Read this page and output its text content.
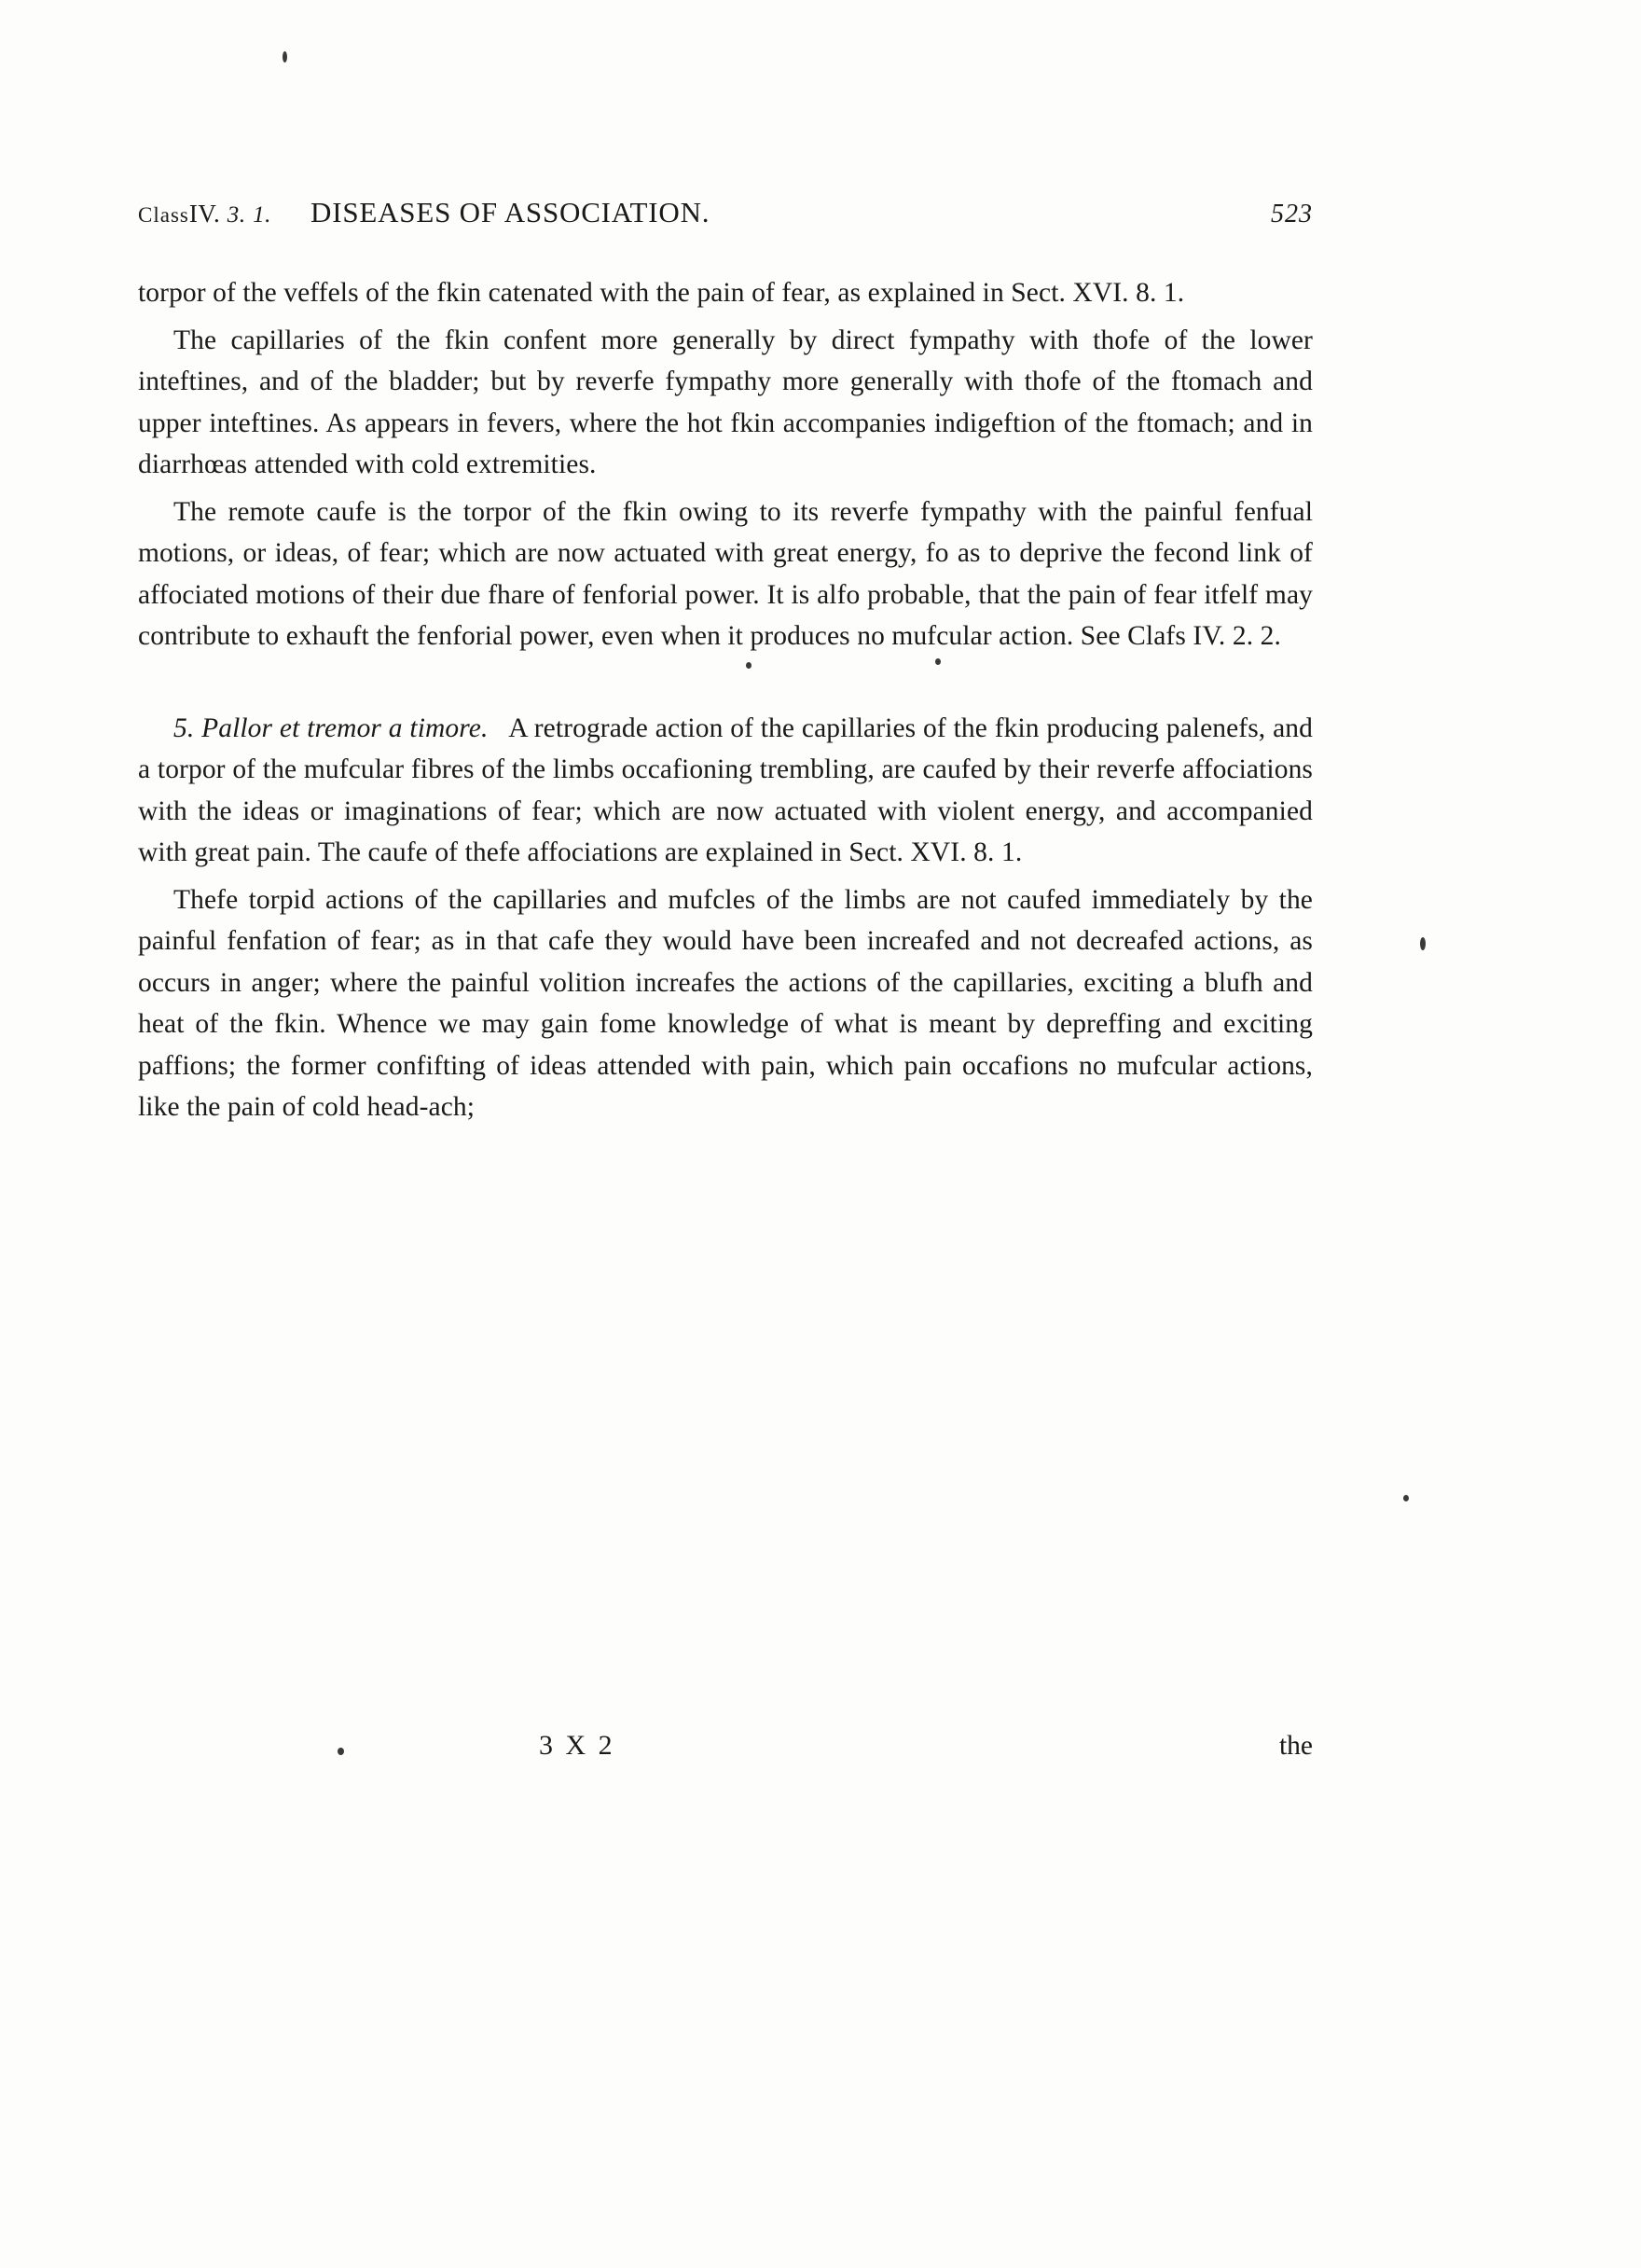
ClassIV. 3. 1. DISEASES OF ASSOCIATION.	523

torpor of the veffels of the fkin catenated with the pain of fear, as explained in Sect. XVI. 8. 1.

The capillaries of the fkin confent more generally by direct fympathy with thofe of the lower inteftines, and of the bladder; but by reverfe fympathy more generally with thofe of the ftomach and upper inteftines. As appears in fevers, where the hot fkin accompanies indigeftion of the ftomach; and in diarrhœas attended with cold extremities.

The remote caufe is the torpor of the fkin owing to its reverfe fympathy with the painful fenfual motions, or ideas, of fear; which are now actuated with great energy, fo as to deprive the fecond link of affociated motions of their due fhare of fenforial power. It is alfo probable, that the pain of fear itfelf may contribute to exhauft the fenforial power, even when it produces no mufcular action. See Clafs IV. 2. 2.

5. Pallor et tremor a timore. A retrograde action of the capillaries of the fkin producing palenefs, and a torpor of the mufcular fibres of the limbs occafioning trembling, are caufed by their reverfe affociations with the ideas or imaginations of fear; which are now actuated with violent energy, and accompanied with great pain. The caufe of thefe affociations are explained in Sect. XVI. 8. 1.

Thefe torpid actions of the capillaries and mufcles of the limbs are not caufed immediately by the painful fenfation of fear; as in that cafe they would have been increafed and not decreafed actions, as occurs in anger; where the painful volition increafes the actions of the capillaries, exciting a blufh and heat of the fkin. Whence we may gain fome knowledge of what is meant by depreffing and exciting paffions; the former confifting of ideas attended with pain, which pain occafions no mufcular actions, like the pain of cold head-ach;

3 X 2	the
